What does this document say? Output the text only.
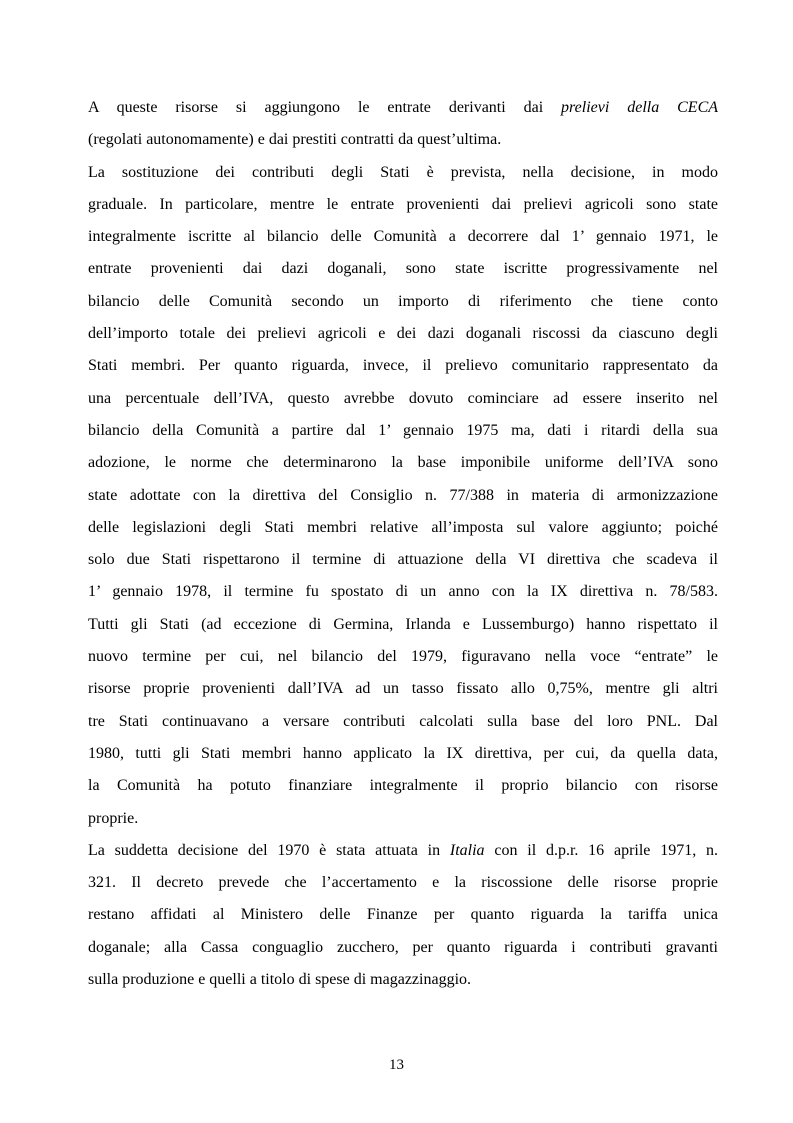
A queste risorse si aggiungono le entrate derivanti dai prelievi della CECA
(regolati autonomamente) e dai prestiti contratti da quest’ultima.
La sostituzione dei contributi degli Stati è prevista, nella decisione, in modo
graduale. In particolare, mentre le entrate provenienti dai prelievi agricoli sono state
integralmente iscritte al bilancio delle Comunità a decorrere dal 1’ gennaio 1971, le
entrate provenienti dai dazi doganali, sono state iscritte progressivamente nel
bilancio delle Comunità secondo un importo di riferimento che tiene conto
dell’importo totale dei prelievi agricoli e dei dazi doganali riscossi da ciascuno degli
Stati membri. Per quanto riguarda, invece, il prelievo comunitario rappresentato da
una percentuale dell’IVA, questo avrebbe dovuto cominciare ad essere inserito nel
bilancio della Comunità a partire dal 1’ gennaio 1975 ma, dati i ritardi della sua
adozione, le norme che determinarono la base imponibile uniforme dell’IVA sono
state adottate con la direttiva del Consiglio n. 77/388 in materia di armonizzazione
delle legislazioni degli Stati membri relative all’imposta sul valore aggiunto; poiché
solo due Stati rispettarono il termine di attuazione della VI direttiva che scadeva il
1’ gennaio 1978, il termine fu spostato di un anno con la IX direttiva n. 78/583.
Tutti gli Stati (ad eccezione di Germina, Irlanda e Lussemburgo) hanno rispettato il
nuovo termine per cui, nel bilancio del 1979, figuravano nella voce “entrate” le
risorse proprie provenienti dall’IVA ad un tasso fissato allo 0,75%, mentre gli altri
tre Stati continuavano a versare contributi calcolati sulla base del loro PNL. Dal
1980, tutti gli Stati membri hanno applicato la IX direttiva, per cui, da quella data,
la Comunità ha potuto finanziare integralmente il proprio bilancio con risorse
proprie.
La suddetta decisione del 1970 è stata attuata in Italia con il d.p.r. 16 aprile 1971, n.
321. Il decreto prevede che l’accertamento e la riscossione delle risorse proprie
restano affidati al Ministero delle Finanze per quanto riguarda la tariffa unica
doganale; alla Cassa conguaglio zucchero, per quanto riguarda i contributi gravanti
sulla produzione e quelli a titolo di spese di magazzinaggio.
13
